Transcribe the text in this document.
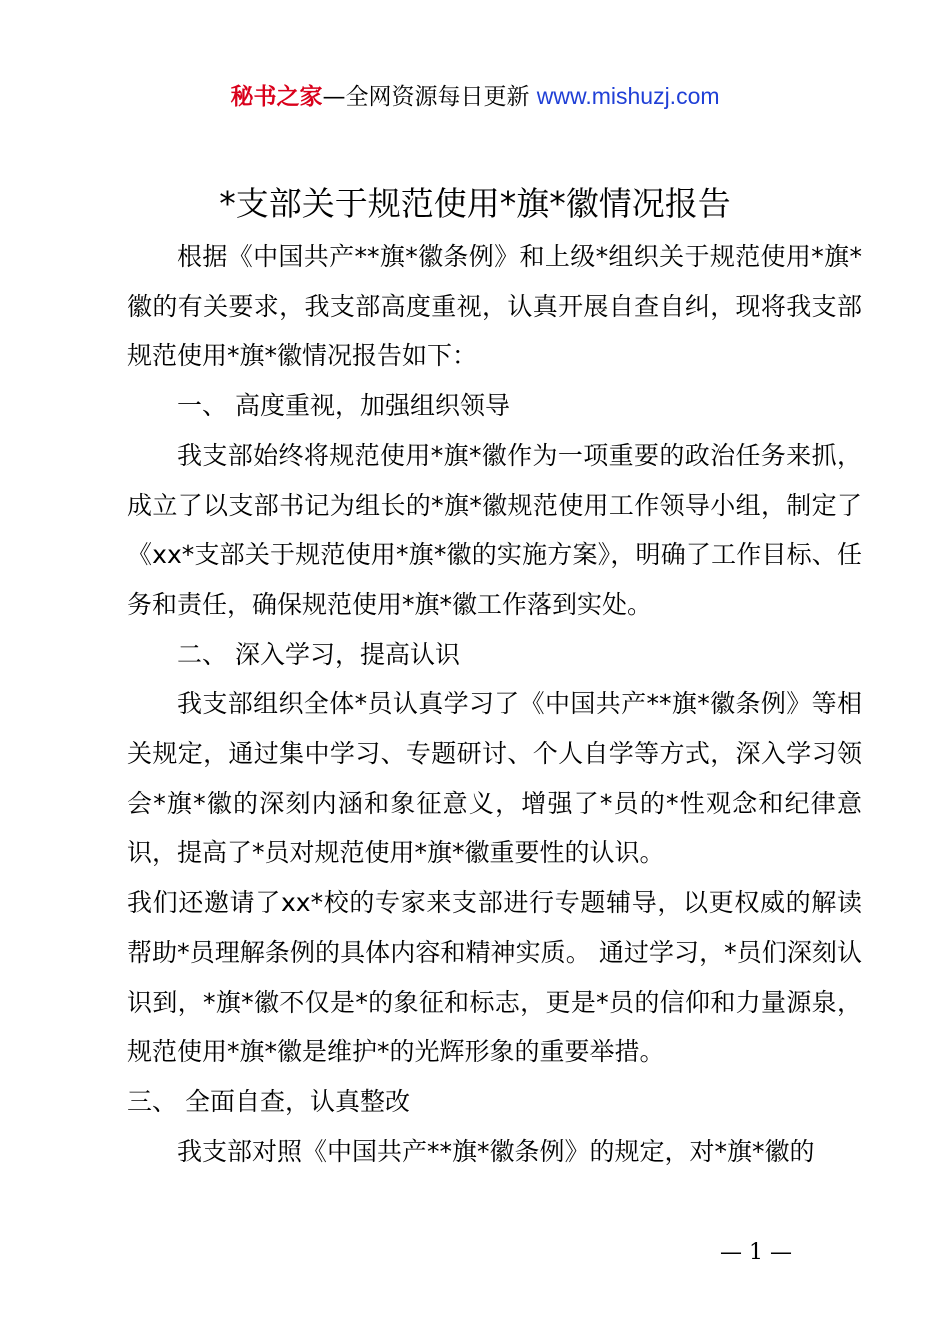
秘书之家—全网资源每日更新 www.mishuzj.com
*支部关于规范使用*旗*徽情况报告

根据《中国共产**旗*徽条例》和上级*组织关于规范使用*旗*徽的有关要求，我支部高度重视，认真开展自查自纠，现将我支部规范使用*旗*徽情况报告如下：

一、 高度重视，加强组织领导

我支部始终将规范使用*旗*徽作为一项重要的政治任务来抓，成立了以支部书记为组长的*旗*徽规范使用工作领导小组，制定了《xx*支部关于规范使用*旗*徽的实施方案》，明确了工作目标、任务和责任，确保规范使用*旗*徽工作落到实处。

二、 深入学习，提高认识

我支部组织全体*员认真学习了《中国共产**旗*徽条例》等相关规定，通过集中学习、专题研讨、个人自学等方式，深入学习领会*旗*徽的深刻内涵和象征意义，增强了*员的*性观念和纪律意识，提高了*员对规范使用*旗*徽重要性的认识。

我们还邀请了xx*校的专家来支部进行专题辅导，以更权威的解读帮助*员理解条例的具体内容和精神实质。 通过学习，*员们深刻认识到，*旗*徽不仅是*的象征和标志，更是*员的信仰和力量源泉，规范使用*旗*徽是维护*的光辉形象的重要举措。

三、 全面自查，认真整改

我支部对照《中国共产**旗*徽条例》的规定，对*旗*徽的

— 1 —
